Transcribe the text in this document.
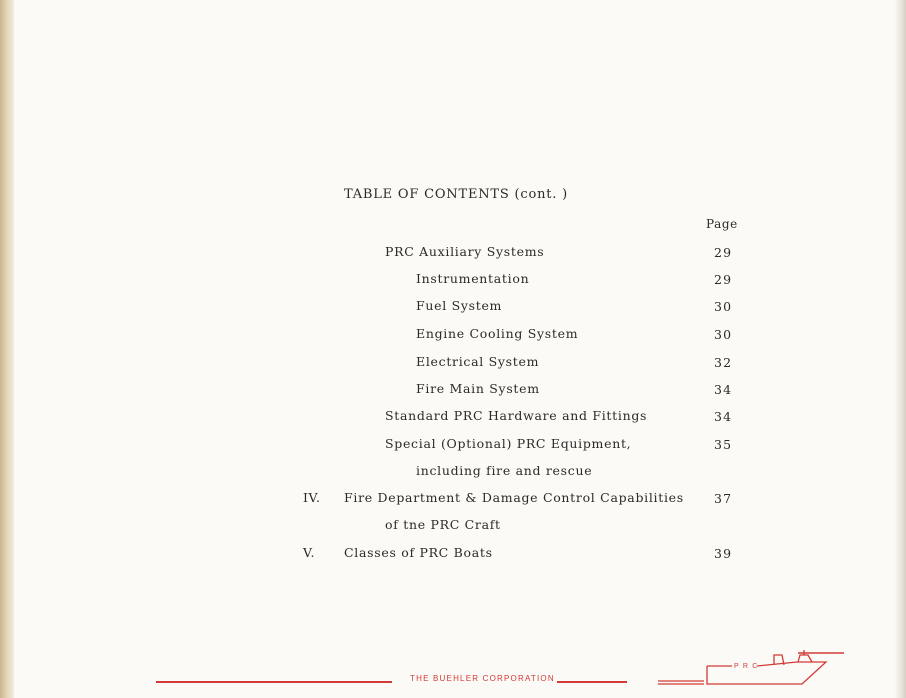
TABLE OF CONTENTS (cont. )
Page
PRC Auxiliary Systems	29
Instrumentation	29
Fuel System	30
Engine Cooling System	30
Electrical System	32
Fire Main System	34
Standard PRC Hardware and Fittings	34
Special (Optional) PRC Equipment,	35
including fire and rescue
IV. Fire Department & Damage Control Capabilities 37
of tne PRC Craft
V. Classes of PRC Boats	39
THE BUEHLER CORPORATION
P R C
